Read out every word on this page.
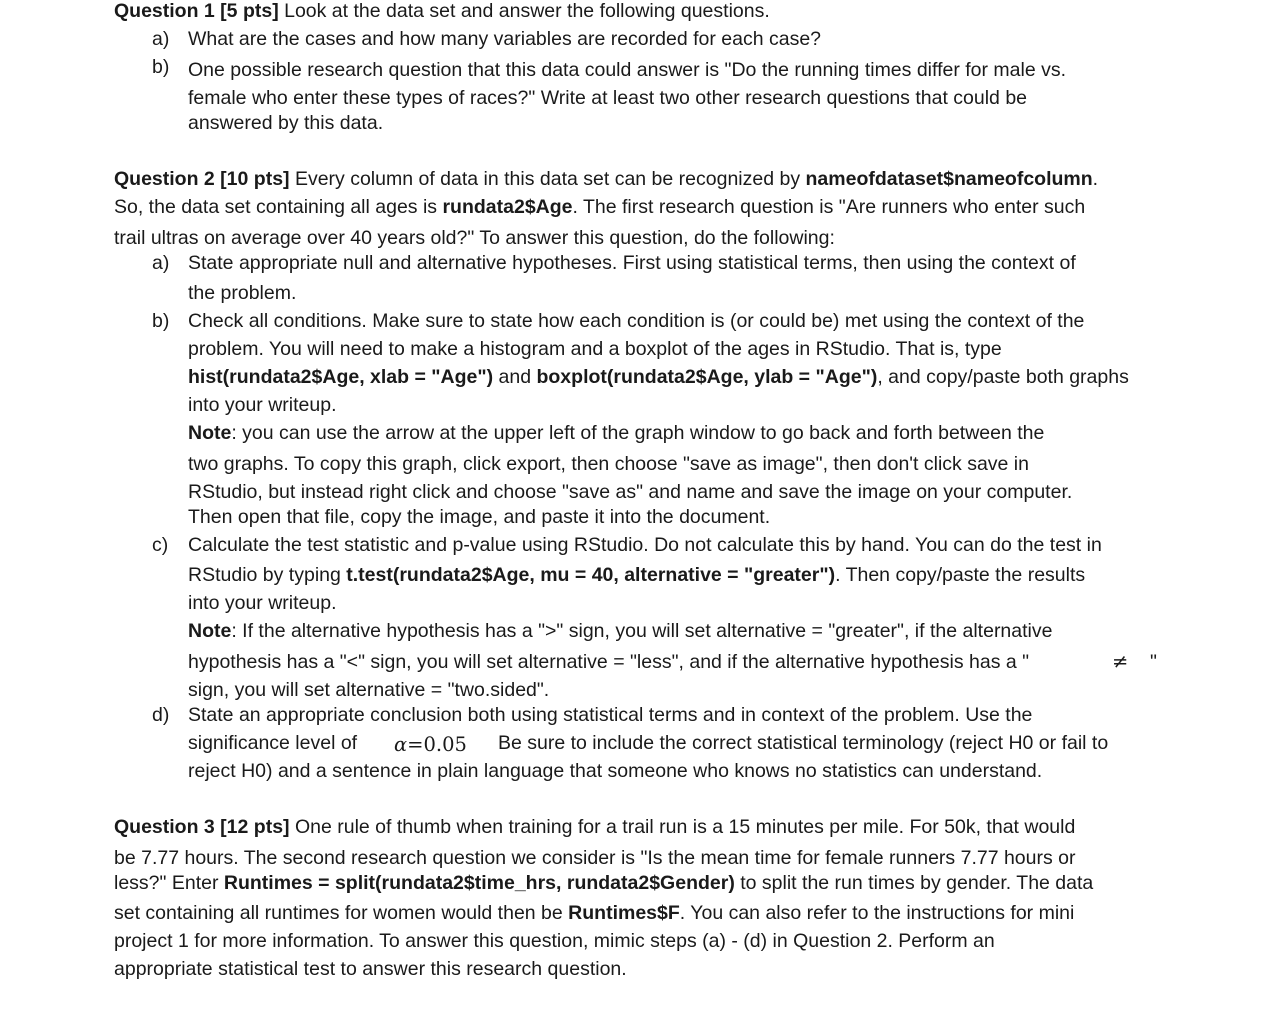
Question 1 [5 pts] Look at the data set and answer the following questions.
a) What are the cases and how many variables are recorded for each case?
b) One possible research question that this data could answer is "Do the running times differ for male vs.
female who enter these types of races?" Write at least two other research questions that could be
answered by this data.
Question 2 [10 pts] Every column of data in this data set can be recognized by nameofdataset$nameofcolumn.
So, the data set containing all ages is rundata2$Age. The first research question is "Are runners who enter such
trail ultras on average over 40 years old?" To answer this question, do the following:
a) State appropriate null and alternative hypotheses. First using statistical terms, then using the context of
the problem.
b) Check all conditions. Make sure to state how each condition is (or could be) met using the context of the
problem. You will need to make a histogram and a boxplot of the ages in RStudio. That is, type
hist(rundata2$Age, xlab = "Age") and boxplot(rundata2$Age, ylab = "Age"), and copy/paste both graphs
into your writeup.
Note: you can use the arrow at the upper left of the graph window to go back and forth between the
two graphs. To copy this graph, click export, then choose "save as image", then don't click save in
RStudio, but instead right click and choose "save as" and name and save the image on your computer.
Then open that file, copy the image, and paste it into the document.
c) Calculate the test statistic and p-value using RStudio. Do not calculate this by hand. You can do the test in
RStudio by typing t.test(rundata2$Age, mu = 40, alternative = "greater"). Then copy/paste the results
into your writeup.
Note: If the alternative hypothesis has a ">" sign, you will set alternative = "greater", if the alternative
hypothesis has a "<" sign, you will set alternative = "less", and if the alternative hypothesis has a "	≠ "
sign, you will set alternative = "two.sided".
d) State an appropriate conclusion both using statistical terms and in context of the problem. Use the
significance level of α=0.05 Be sure to include the correct statistical terminology (reject H0 or fail to
reject H0) and a sentence in plain language that someone who knows no statistics can understand.
Question 3 [12 pts] One rule of thumb when training for a trail run is a 15 minutes per mile. For 50k, that would
be 7.77 hours. The second research question we consider is "Is the mean time for female runners 7.77 hours or
less?" Enter Runtimes = split(rundata2$time_hrs, rundata2$Gender) to split the run times by gender. The data
set containing all runtimes for women would then be Runtimes$F. You can also refer to the instructions for mini
project 1 for more information. To answer this question, mimic steps (a) - (d) in Question 2. Perform an
appropriate statistical test to answer this research question.
